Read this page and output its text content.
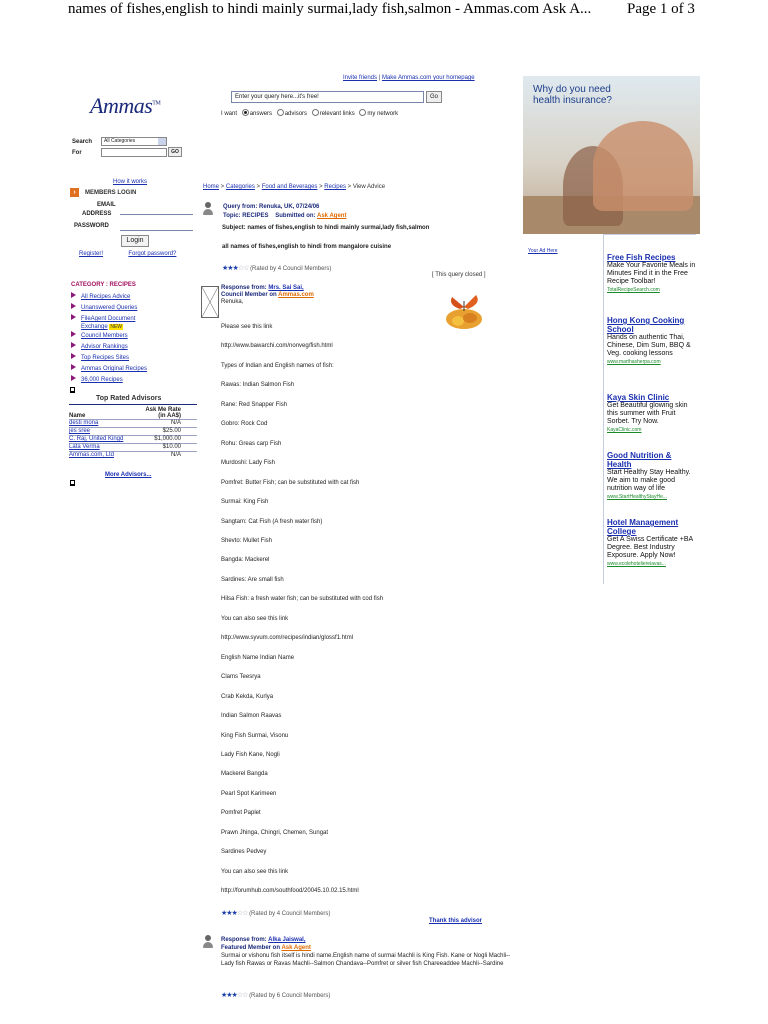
names of fishes,english to hindi mainly surmai,lady fish,salmon - Ammas.com Ask A... Page 1 of 3
Invite friends | Make Ammas.com your homepage
Ammas™
Enter your query here...it's free!	Go
I want answers advisors relevant links my network
Why do you need
health insurance?
Search
For
All Categories
GO
How it works
› MEMBERS LOGIN
EMAIL
ADDRESS
PASSWORD
Login
Register!	Forgot password?
CATEGORY : RECIPES
All Recipes Advice
Unanswered Queries
FileAgent Document
Exchange NEW
Council Members
Advisor Rankings
Top Recipes Sites
Ammas Original Recipes
36,000 Recipes
Top Rated Advisors
Name	Ask Me Rate
(in AA$)
desti mona	N/A
jes sree	$25.00
C. Raj, United Kingd	$1,000.00
Lata Verma	$10.00
Ammas.com, Ltd	N/A
More Advisors...
Home > Categories > Food and Beverages > Recipes > View Advice
Query from: Renuka, UK, 07/24/06
Topic: RECIPES Submitted on: Ask Agent
Subject: names of fishes,english to hindi mainly surmai,lady fish,salmon
all names of fishes,english to hindi from mangalore cuisine
★★★☆☆ (Rated by 4 Council Members)
[ This query closed ]
Your Ad Here
Response from: Mrs. Sai Sai,
Council Member on Ammas.com
Renuka,
Please see this link
http://www.bawarchi.com/nonveg/fish.html
Types of Indian and English names of fish:
Rawas: Indian Salmon Fish
Rane: Red Snapper Fish
Gobro: Rock Cod
Rohu: Greas carp Fish
Murdoshi: Lady Fish
Pomfret: Butter Fish; can be substituted with cat fish
Surmai: King Fish
Sangtam: Cat Fish (A fresh water fish)
Shevto: Mullet Fish
Bangda: Mackerel
Sardines: Are small fish
Hilsa Fish: a fresh water fish; can be substituted with cod fish
You can also see this link
http://www.syvum.com/recipes/indian/glossf1.html
English Name Indian Name
Clams Teesrya
Crab Kekda, Kurlya
Indian Salmon Raavas
King Fish Surmai, Visonu
Lady Fish Kane, Nogli
Mackerel Bangda
Pearl Spot Karimeen
Pomfret Paplet
Prawn Jhinga, Chingri, Chemen, Sungat
Sardines Pedvey
You can also see this link
http://forumhub.com/southfood/20045.10.02.15.html
★★★☆☆ (Rated by 4 Council Members)
Thank this advisor
Response from: Alka Jaiswal,
Featured Member on Ask Agent
Surmai or vishonu fish itself is hindi name.English name of surmai Machli is King Fish. Kane or Nogli Machli--Lady fish Rawas or Ravas Machli--Salmon Chandava--Pomfret or silver fish Chareeaddee Machli--Sardine
★★★☆☆ (Rated by 6 Council Members)
Free Fish Recipes
Make Your Favorite Meals in Minutes Find it in the Free Recipe Toolbar!
TotalRecipeSearch.com
Hong Kong Cooking School
Hands on authentic Thai, Chinese, Dim Sum, BBQ & Veg. cooking lessons
www.marthasherpa.com
Kaya Skin Clinic
Get Beautiful glowing skin this summer with Fruit Sorbet. Try Now.
KayaClinic.com
Good Nutrition & Health
Start Healthy Stay Healthy. We aim to make good nutrition way of life
www.StartHealthyStayHe...
Hotel Management College
Get A Swiss Certificate +BA Degree. Best Industry Exposure. Apply Now!
www.ecolehoteliereiavas...
